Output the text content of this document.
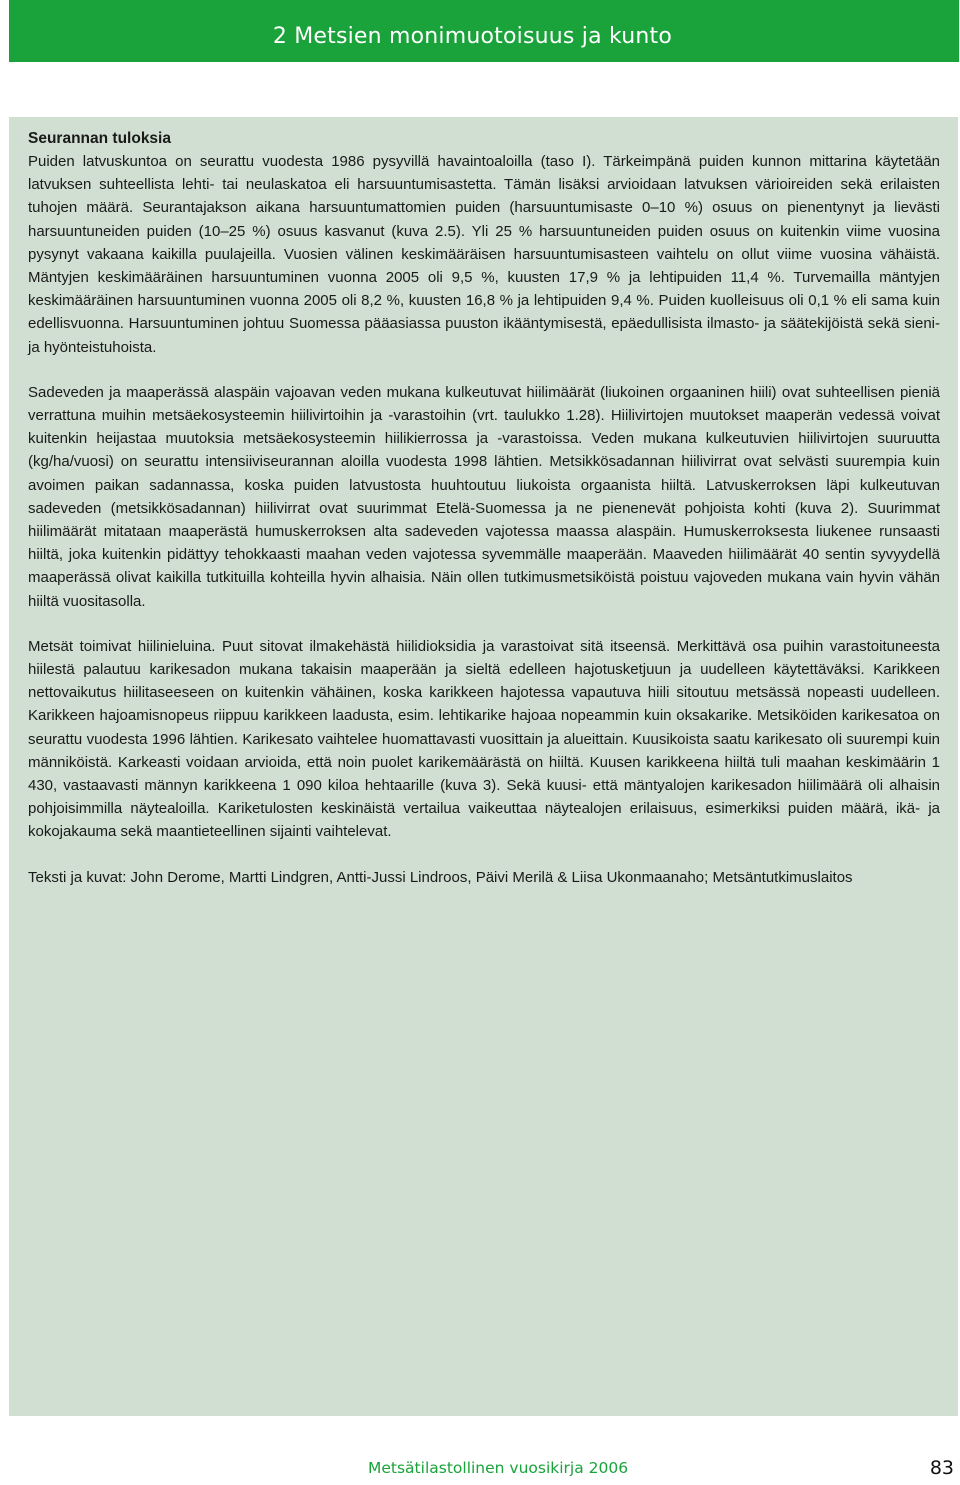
2 Metsien monimuotoisuus ja kunto

Seurannan tuloksia

Puiden latvuskuntoa on seurattu vuodesta 1986 pysyvillä havaintoaloilla (taso I). Tärkeimpänä puiden kunnon mittarina käytetään latvuksen suhteellista lehti- tai neulaskatoa eli harsuuntumisastetta. Tämän lisäksi arvioidaan latvuksen värioireiden sekä erilaisten tuhojen määrä. Seurantajakson aikana harsuuntumattomien puiden (harsuuntumisaste 0–10 %) osuus on pienentynyt ja lievästi harsuuntuneiden puiden (10–25 %) osuus kasvanut (kuva 2.5). Yli 25 % harsuuntuneiden puiden osuus on kuitenkin viime vuosina pysynyt vakaana kaikilla puulajeilla. Vuosien välinen keskimääräisen harsuuntumisasteen vaihtelu on ollut viime vuosina vähäistä. Mäntyjen keskimääräinen harsuuntuminen vuonna 2005 oli 9,5 %, kuusten 17,9 % ja lehtipuiden 11,4 %. Turvemailla mäntyjen keskimääräinen harsuuntuminen vuonna 2005 oli 8,2 %, kuusten 16,8 % ja lehtipuiden 9,4 %. Puiden kuolleisuus oli 0,1 % eli sama kuin edellisvuonna. Harsuuntuminen johtuu Suomessa pääasiassa puuston ikääntymisestä, epäedullisista ilmasto- ja säätekijöistä sekä sieni- ja hyönteistuhoista.

Sadeveden ja maaperässä alaspäin vajoavan veden mukana kulkeutuvat hiilimäärät (liukoinen orgaaninen hiili) ovat suhteellisen pieniä verrattuna muihin metsäekosysteemin hiilivirtoihin ja -varastoihin (vrt. taulukko 1.28). Hiilivirtojen muutokset maaperän vedessä voivat kuitenkin heijastaa muutoksia metsäekosysteemin hiilikierrossa ja -varastoissa. Veden mukana kulkeutuvien hiilivirtojen suuruutta (kg/ha/vuosi) on seurattu intensiiviseurannan aloilla vuodesta 1998 lähtien. Metsikkösadannan hiilivirrat ovat selvästi suurempia kuin avoimen paikan sadannassa, koska puiden latvustosta huuhtoutuu liukoista orgaanista hiiltä. Latvuskerroksen läpi kulkeutuvan sadeveden (metsikkösadannan) hiilivirrat ovat suurimmat Etelä-Suomessa ja ne pienenevät pohjoista kohti (kuva 2). Suurimmat hiilimäärät mitataan maaperästä humuskerroksen alta sadeveden vajotessa maassa alaspäin. Humuskerroksesta liukenee runsaasti hiiltä, joka kuitenkin pidättyy tehokkaasti maahan veden vajotessa syvemmälle maaperään. Maaveden hiilimäärät 40 sentin syvyydellä maaperässä olivat kaikilla tutkituilla kohteilla hyvin alhaisia. Näin ollen tutkimusmetsiköistä poistuu vajoveden mukana vain hyvin vähän hiiltä vuositasolla.

Metsät toimivat hiilinieluina. Puut sitovat ilmakehästä hiilidioksidia ja varastoivat sitä itseensä. Merkittävä osa puihin varastoituneesta hiilestä palautuu karikesadon mukana takaisin maaperään ja sieltä edelleen hajotusketjuun ja uudelleen käytettäväksi. Karikkeen nettovaikutus hiilitaseeseen on kuitenkin vähäinen, koska karikkeen hajotessa vapautuva hiili sitoutuu metsässä nopeasti uudelleen. Karikkeen hajoamisnopeus riippuu karikkeen laadusta, esim. lehtikarike hajoaa nopeammin kuin oksakarike. Metsiköiden karikesatoa on seurattu vuodesta 1996 lähtien. Karikesato vaihtelee huomattavasti vuosittain ja alueittain. Kuusikoista saatu karikesato oli suurempi kuin männiköistä. Karkeasti voidaan arvioida, että noin puolet karikemäärästä on hiiltä. Kuusen karikkeena hiiltä tuli maahan keskimäärin 1 430, vastaavasti männyn karikkeena 1 090 kiloa hehtaarille (kuva 3). Sekä kuusi- että mäntyalojen karikesadon hiilimäärä oli alhaisin pohjoisimmilla näytealoilla. Kariketulosten keskinäistä vertailua vaikeuttaa näytealojen erilaisuus, esimerkiksi puiden määrä, ikä- ja kokojakauma sekä maantieteellinen sijainti vaihtelevat.

Teksti ja kuvat: John Derome, Martti Lindgren, Antti-Jussi Lindroos, Päivi Merilä & Liisa Ukonmaanaho; Metsäntutkimuslaitos

Metsätilastollinen vuosikirja 2006	83
